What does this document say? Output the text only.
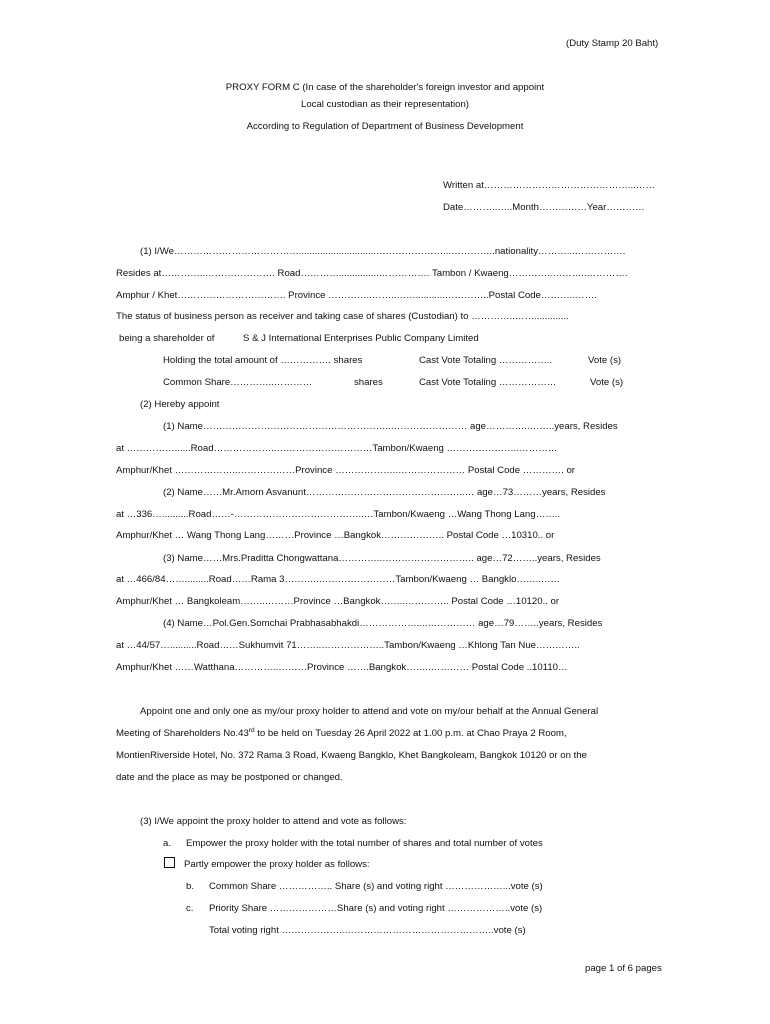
(Duty Stamp 20 Baht)
PROXY FORM C (In case of the shareholder's foreign investor and appoint
Local custodian as their representation)
According to Regulation of Department of Business Development
Written at………………………………………...……
Date………..…..Month……………Year…………
(1) I/We………………………………….............................…………………...…………..nationality………...…………….
Resides at…………..…………………. Road…………...............……………. Tambon / Kwaeng…………..………..………….
Amphur / Khet……………………………. Province …………..……..……...........…………..Postal Code………..…….
The status of business person as receiver and taking case of shares (Custodian) to …………..…….............
being a shareholder of	S & J International Enterprises Public Company Limited
Holding the total amount of ……………. shares	Cast Vote Totaling ……………..	Vote (s)
Common Share…………..…………	shares	Cast Vote Totaling ………………	Vote (s)
(2) Hereby appoint
(1) Name…………………………………………………..…………………… age…………..……..years, Resides
at ……………......Road………………..…………………………Tambon/Kwaeng …………………..…………
Amphur/Khet ………………..………………Province ………………..………………… Postal Code …………. or
(2) Name……Mr.Amorn Asvanunt…………………………………………..… age…73………years, Resides
at …336…..........Road……-…………………………………..…Tambon/Kwaeng …Wang Thong Lang……..
Amphur/Khet … Wang Thong Lang………Province …Bangkok……………….. Postal Code …10310.. or
(3) Name……Mrs.Praditta Chongwattana…………..……………………….. age…72……..years, Resides
at …466/84…….........Road……Rama 3………..……………………Tambon/Kwaeng … Bangklo……..……
Amphur/Khet … Bangkoleam……..………Province …Bangkok……..………….. Postal Code …10120.. or
(4) Name…Pol.Gen.Somchai Prabhasabhakdi………………....…………… age…79……..years, Resides
at …44/57…..........Road……Sukhumvit 71……..………………..Tambon/Kwaeng …Khlong Tan Nue…………..
Amphur/Khet ……Watthana…………..………Province …….Bangkok……..………… Postal Code ..10110…
Appoint one and only one as my/our proxy holder to attend and vote on my/our behalf at the Annual General
Meeting of Shareholders No.43rd to be held on Tuesday 26 April 2022 at 1.00 p.m. at Chao Praya 2 Room,
MontienRiverside Hotel, No. 372 Rama 3 Road, Kwaeng Bangklo, Khet Bangkoleam, Bangkok 10120 or on the
date and the place as may be postponed or changed.
(3) I/We appoint the proxy holder to attend and vote as follows:
a. Empower the proxy holder with the total number of shares and total number of votes
Partly empower the proxy holder as follows:
b. Common Share …………….. Share (s) and voting right ………………...vote (s)
c. Priority Share …………………Share (s) and voting right ………………..vote (s)
Total voting right ………………..………………………………………..vote (s)
page 1 of 6 pages
